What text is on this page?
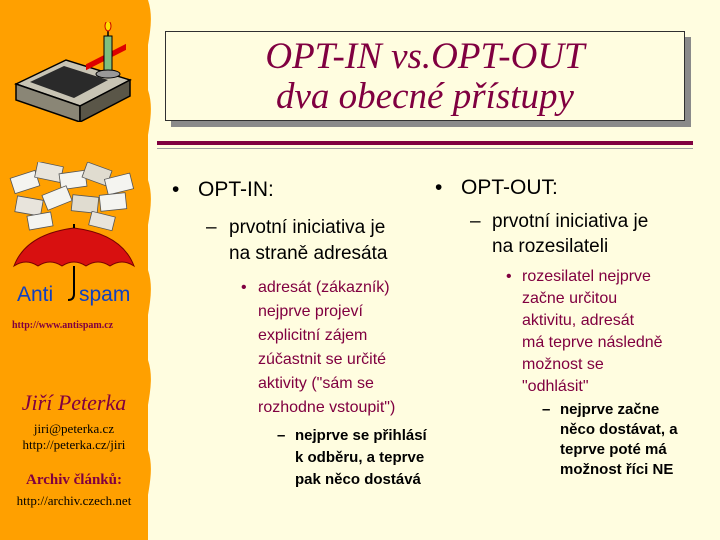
Anti spam
http://www.antispam.cz
Jiří Peterka
jiri@peterka.cz
http://peterka.cz/jiri
Archiv článků:
http://archiv.czech.net
OPT-IN vs.OPT-OUT
dva obecné přístupy
• OPT-IN:
– prvotní iniciativa je
na straně adresáta
• adresát (zákazník)
nejprve projeví
explicitní zájem
zúčastnit se určité
aktivity ("sám se
rozhodne vstoupit")
– nejprve se přihlásí
k odběru, a teprve
pak něco dostává
• OPT-OUT:
– prvotní iniciativa je
na rozesilateli
• rozesilatel nejprve
začne určitou
aktivitu, adresát
má teprve následně
možnost se
"odhlásit"
– nejprve začne
něco dostávat, a
teprve poté má
možnost říci NE
